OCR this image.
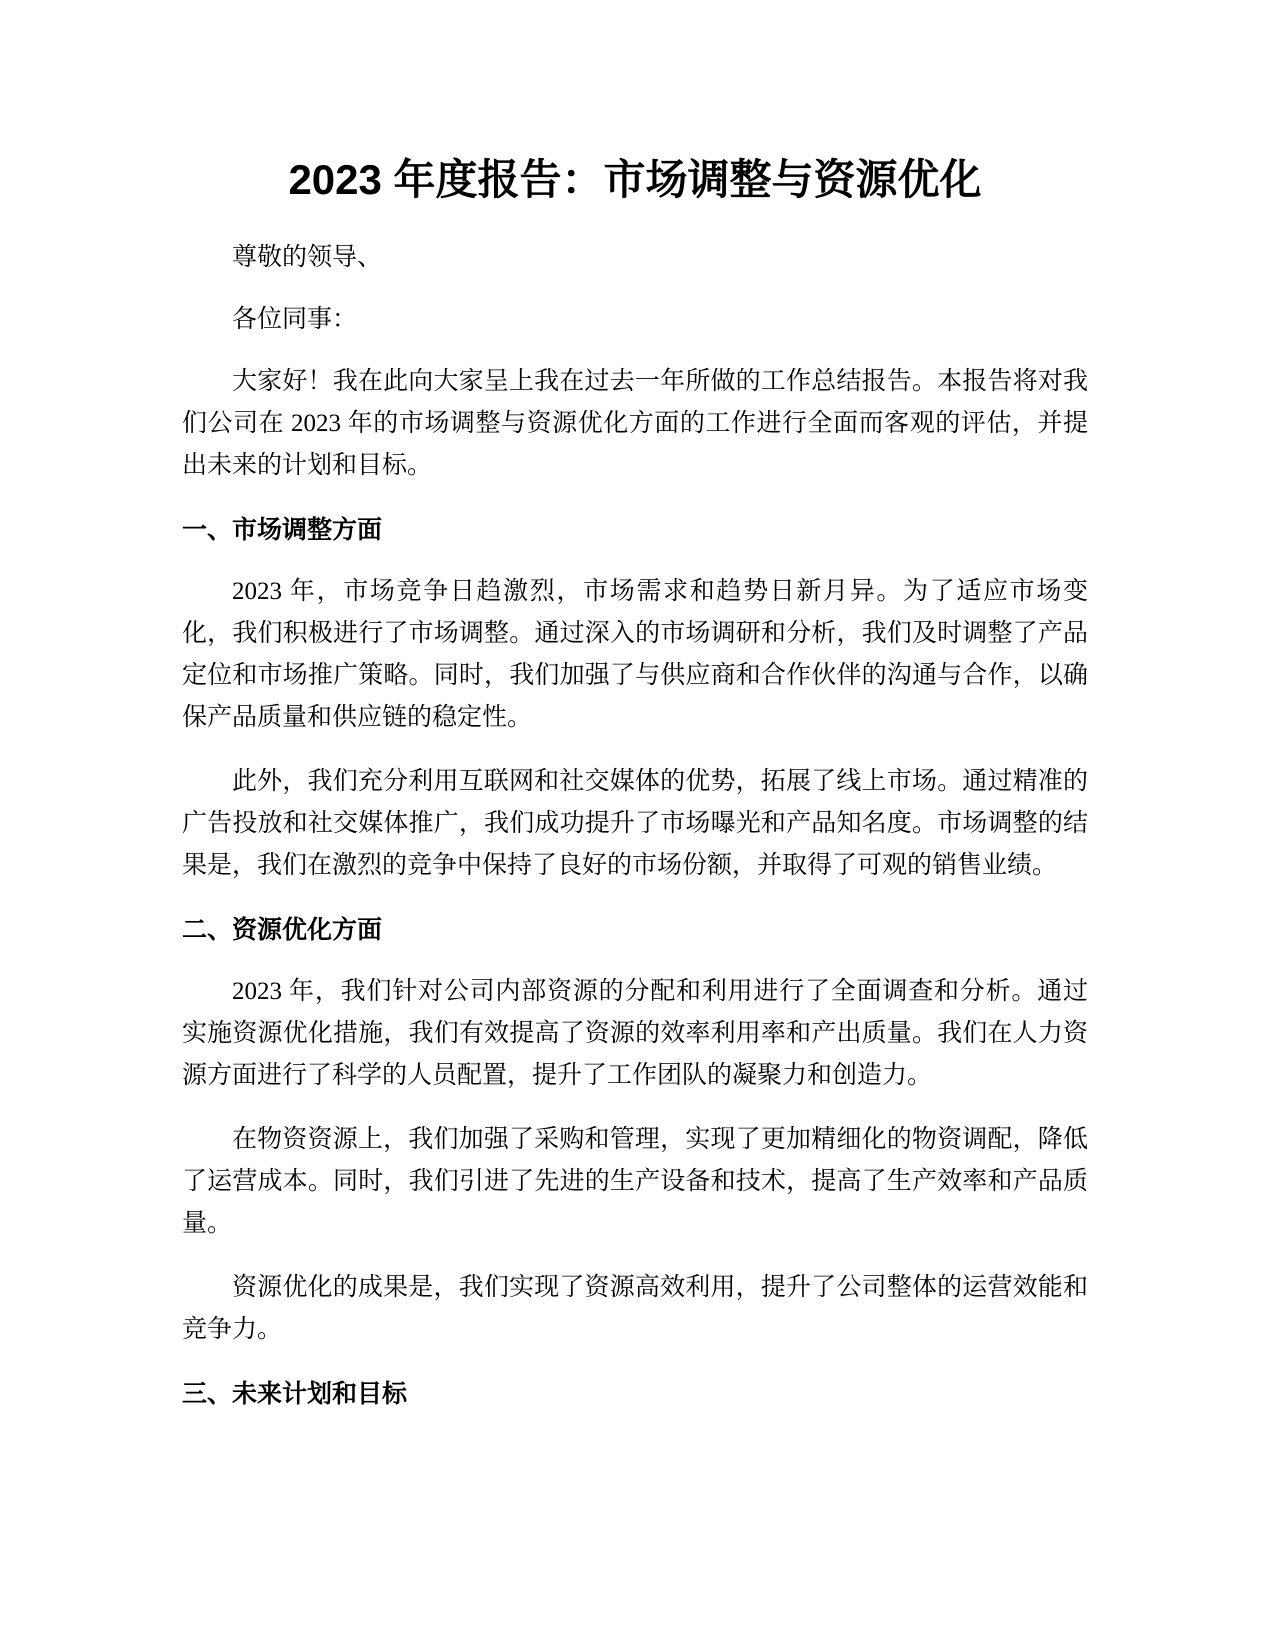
2023 年度报告：市场调整与资源优化

尊敬的领导、

各位同事：

大家好！我在此向大家呈上我在过去一年所做的工作总结报告。本报告将对我们公司在 2023 年的市场调整与资源优化方面的工作进行全面而客观的评估，并提出未来的计划和目标。

一、市场调整方面

2023 年，市场竞争日趋激烈，市场需求和趋势日新月异。为了适应市场变化，我们积极进行了市场调整。通过深入的市场调研和分析，我们及时调整了产品定位和市场推广策略。同时，我们加强了与供应商和合作伙伴的沟通与合作，以确保产品质量和供应链的稳定性。

此外，我们充分利用互联网和社交媒体的优势，拓展了线上市场。通过精准的广告投放和社交媒体推广，我们成功提升了市场曝光和产品知名度。市场调整的结果是，我们在激烈的竞争中保持了良好的市场份额，并取得了可观的销售业绩。

二、资源优化方面

2023 年，我们针对公司内部资源的分配和利用进行了全面调查和分析。通过实施资源优化措施，我们有效提高了资源的效率利用率和产出质量。我们在人力资源方面进行了科学的人员配置，提升了工作团队的凝聚力和创造力。

在物资资源上，我们加强了采购和管理，实现了更加精细化的物资调配，降低了运营成本。同时，我们引进了先进的生产设备和技术，提高了生产效率和产品质量。

资源优化的成果是，我们实现了资源高效利用，提升了公司整体的运营效能和竞争力。

三、未来计划和目标
